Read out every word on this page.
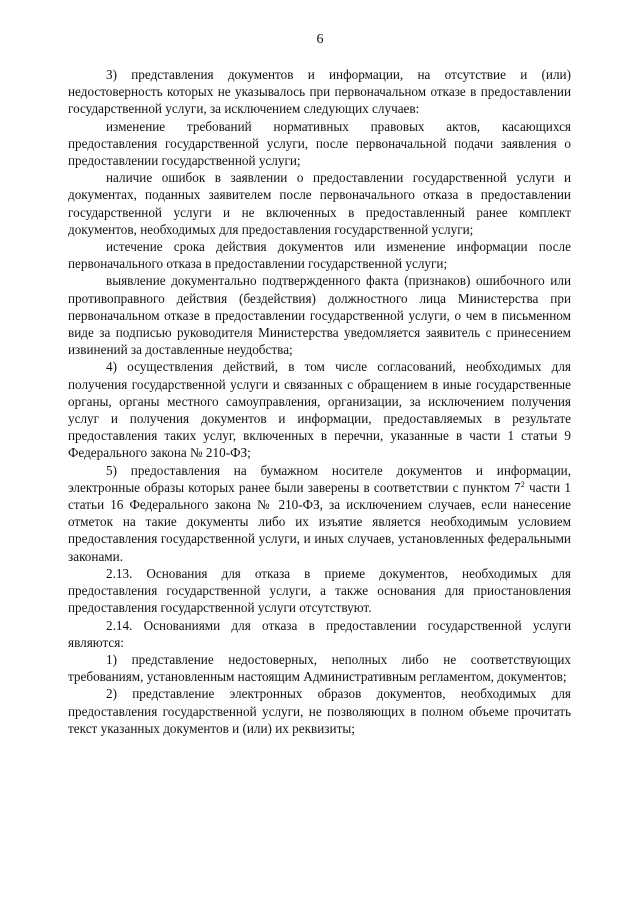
6

3) представления документов и информации, на отсутствие и (или) недостоверность которых не указывалось при первоначальном отказе в предоставлении государственной услуги, за исключением следующих случаев:

изменение требований нормативных правовых актов, касающихся предоставления государственной услуги, после первоначальной подачи заявления о предоставлении государственной услуги;

наличие ошибок в заявлении о предоставлении государственной услуги и документах, поданных заявителем после первоначального отказа в предоставлении государственной услуги и не включенных в предоставленный ранее комплект документов, необходимых для предоставления государственной услуги;

истечение срока действия документов или изменение информации после первоначального отказа в предоставлении государственной услуги;

выявление документально подтвержденного факта (признаков) ошибочного или противоправного действия (бездействия) должностного лица Министерства при первоначальном отказе в предоставлении государственной услуги, о чем в письменном виде за подписью руководителя Министерства уведомляется заявитель с принесением извинений за доставленные неудобства;

4) осуществления действий, в том числе согласований, необходимых для получения государственной услуги и связанных с обращением в иные государственные органы, органы местного самоуправления, организации, за исключением получения услуг и получения документов и информации, предоставляемых в результате предоставления таких услуг, включенных в перечни, указанные в части 1 статьи 9 Федерального закона № 210-ФЗ;

5) предоставления на бумажном носителе документов и информации, электронные образы которых ранее были заверены в соответствии с пунктом $7^2$ части 1 статьи 16 Федерального закона № 210-ФЗ, за исключением случаев, если нанесение отметок на такие документы либо их изъятие является необходимым условием предоставления государственной услуги, и иных случаев, установленных федеральными законами.

2.13. Основания для отказа в приеме документов, необходимых для предоставления государственной услуги, а также основания для приостановления предоставления государственной услуги отсутствуют.

2.14. Основаниями для отказа в предоставлении государственной услуги являются:

1) представление недостоверных, неполных либо не соответствующих требованиям, установленным настоящим Административным регламентом, документов;

2) представление электронных образов документов, необходимых для предоставления государственной услуги, не позволяющих в полном объеме прочитать текст указанных документов и (или) их реквизиты;
